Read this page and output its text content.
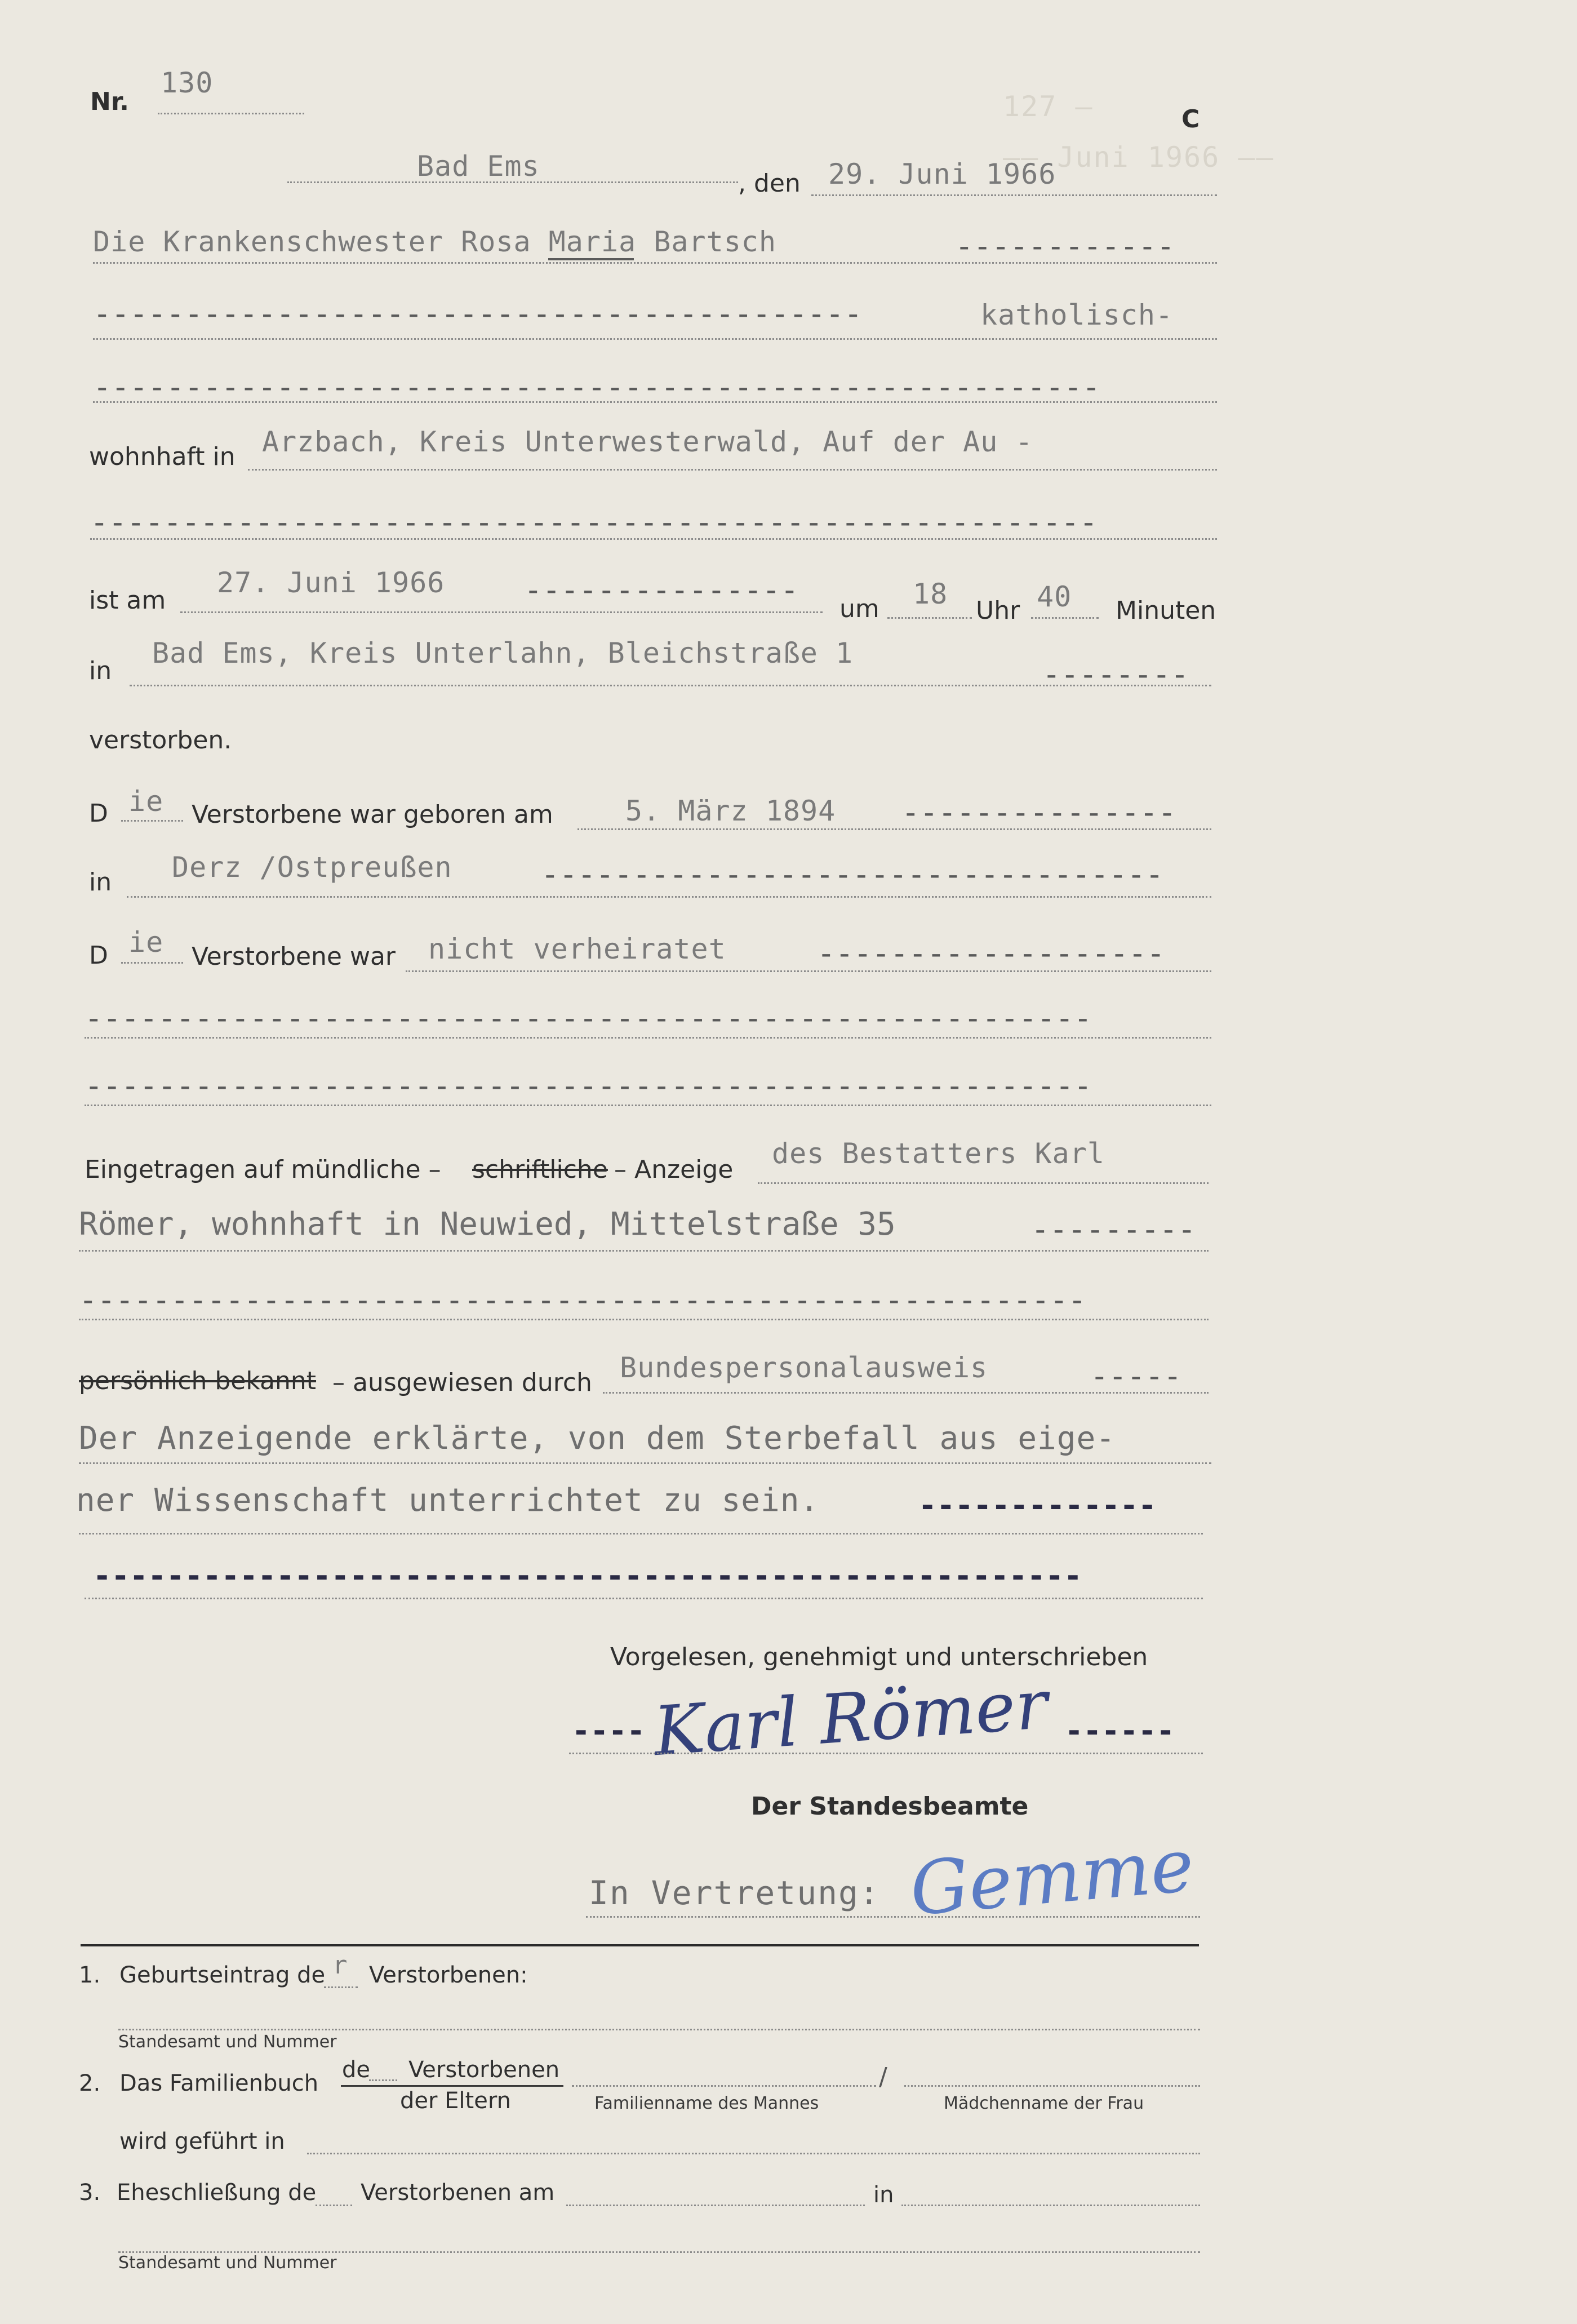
127 —
—— Juni 1966 ——
Nr.
130
C
Bad Ems
, den 29. Juni 1966
Die Krankenschwester Rosa Maria Bartsch	------------
------------------------------------------	katholisch-
-------------------------------------------------------
wohnhaft in Arzbach, Kreis Unterwesterwald, Auf der Au -
-------------------------------------------------------
ist am
27. Juni 1966	---------------
um 18
Uhr 40 Minuten
in
Bad Ems, Kreis Unterlahn, Bleichstraße 1
--------
verstorben.
D ie Verstorbene war geboren am	5. März 1894 ---------------
in Derz /Ostpreußen	----------------------------------
D ie Verstorbene war nicht verheiratet	-------------------
-------------------------------------------------------
-------------------------------------------------------
Eingetragen auf mündliche – schriftliche – Anzeige des Bestatters Karl
Römer, wohnhaft in Neuwied, Mittelstraße 35	---------
-------------------------------------------------------
persönlich bekannt – ausgewiesen durch Bundespersonalausweis	-----
Der Anzeigende erklärte, von dem Sterbefall aus eige-
ner Wissenschaft unterrichtet zu sein.	-------------
------------------------------------------------------
Vorgelesen, genehmigt und unterschrieben
---- Karl Römer ------
Der Standesbeamte
In Vertretung: Gemme
1. Geburtseintrag de r Verstorbenen:
Standesamt und Nummer
2. Das Familienbuch
de Verstorbenen
der Eltern	Familienname des Mannes
/
Mädchenname der Frau
wird geführt in
3. Eheschließung de Verstorbenen am	in
Standesamt und Nummer
